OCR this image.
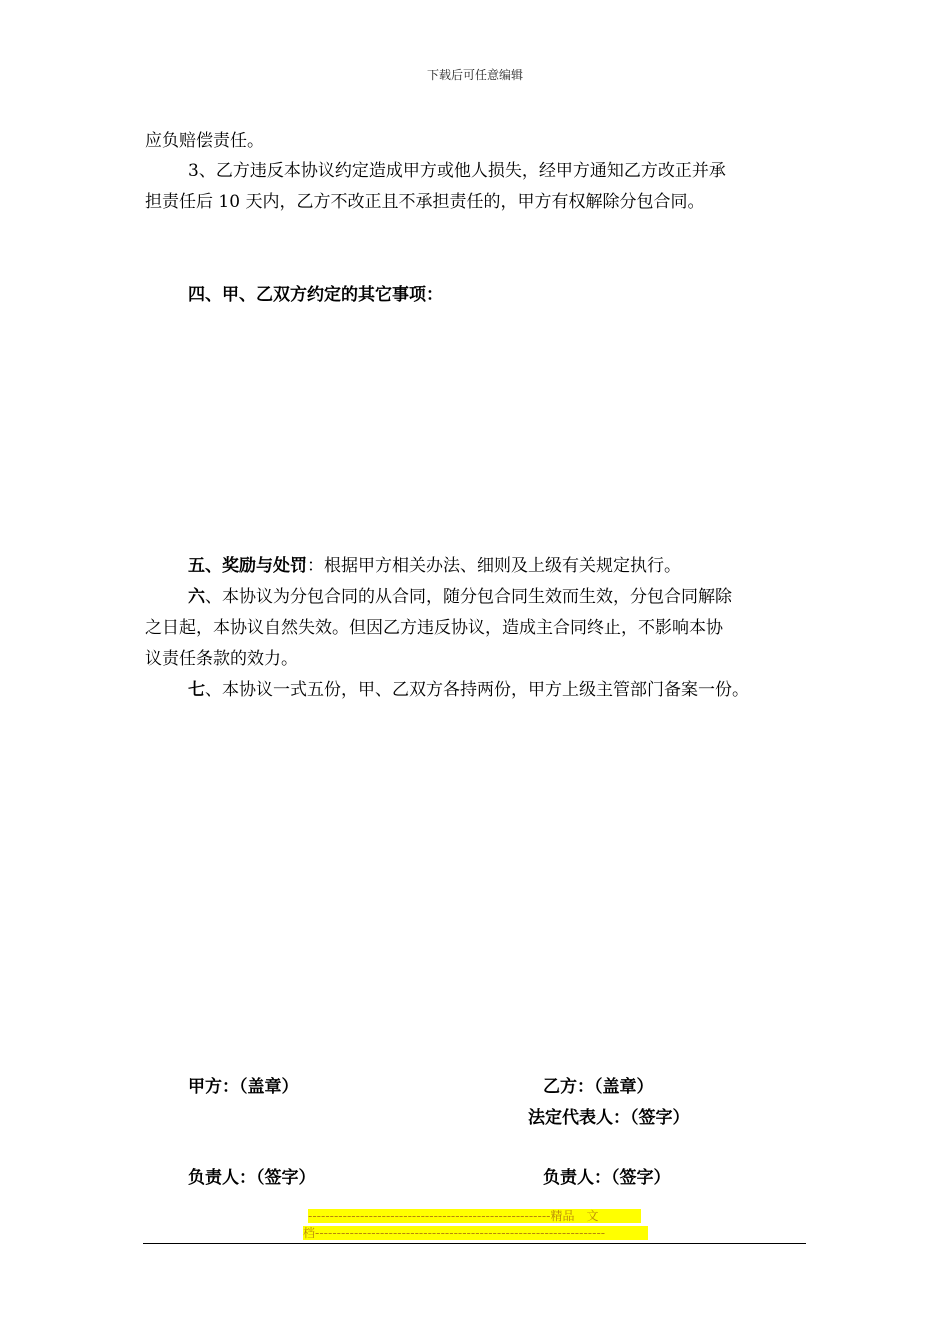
下载后可任意编辑
应负赔偿责任。
3、乙方违反本协议约定造成甲方或他人损失，经甲方通知乙方改正并承
担责任后 10 天内，乙方不改正且不承担责任的，甲方有权解除分包合同。
四、甲、乙双方约定的其它事项：
五、奖励与处罚：根据甲方相关办法、细则及上级有关规定执行。
六、本协议为分包合同的从合同，随分包合同生效而生效，分包合同解除
之日起，本协议自然失效。但因乙方违反协议，造成主合同终止，不影响本协
议责任条款的效力。
七、本协议一式五份，甲、乙双方各持两份，甲方上级主管部门备案一份。
甲方：（盖章）	乙方：（盖章）
法定代表人：（签字）
负责人：（签字）	负责人：（签字）
--------------------------------------------------------精品　文
档-------------------------------------------------------------------
